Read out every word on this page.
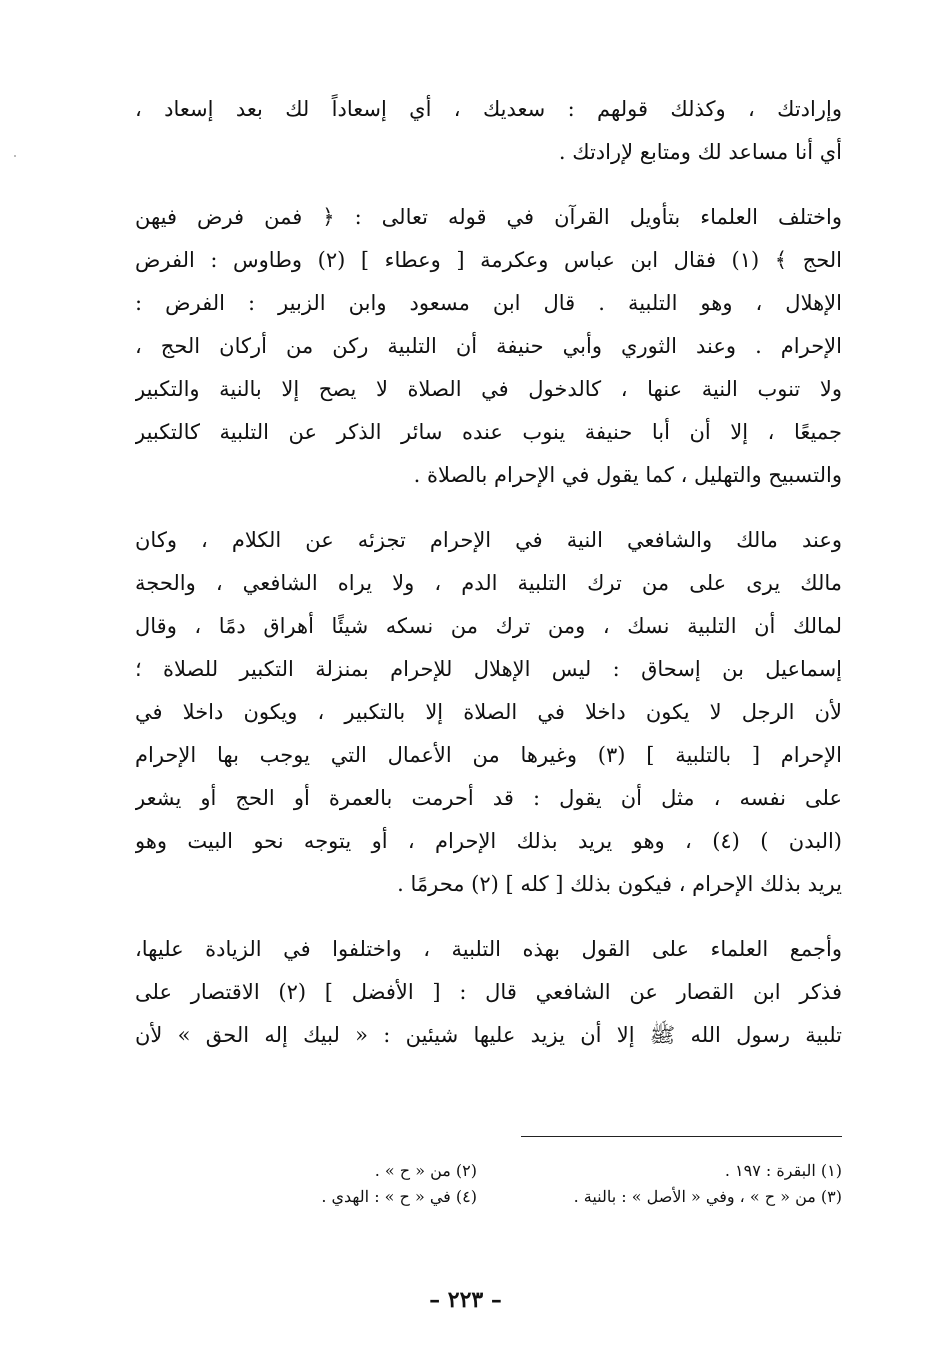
وإرادتك ، وكذلك قولهم : سعديك ، أي إسعاداً لك بعد إسعاد ،
أي أنا مساعد لك ومتابع لإرادتك .

واختلف العلماء بتأويل القرآن في قوله تعالى : ﴿ فمن فرض فيهن
الحج ﴾ (١) فقال ابن عباس وعكرمة [ وعطاء ] (٢) وطاوس : الفرض
الإهلال ، وهو التلبية . قال ابن مسعود وابن الزبير : الفرض :
الإحرام . وعند الثوري وأبي حنيفة أن التلبية ركن من أركان الحج ،
ولا تنوب النية عنها ، كالدخول في الصلاة لا يصح إلا بالنية والتكبير
جميعًا ، إلا أن أبا حنيفة ينوب عنده سائر الذكر عن التلبية كالتكبير
والتسبيح والتهليل ، كما يقول في الإحرام بالصلاة .

وعند مالك والشافعي النية في الإحرام تجزئه عن الكلام ، وكان
مالك يرى على من ترك التلبية الدم ، ولا يراه الشافعي ، والحجة
لمالك أن التلبية نسك ، ومن ترك من نسكه شيئًا أهراق دمًا ، وقال
إسماعيل بن إسحاق : ليس الإهلال للإحرام بمنزلة التكبير للصلاة ؛
لأن الرجل لا يكون داخلا في الصلاة إلا بالتكبير ، ويكون داخلا في
الإحرام [ بالتلبية ] (٣) وغيرها من الأعمال التي يوجب بها الإحرام
على نفسه ، مثل أن يقول : قد أحرمت بالعمرة أو الحج أو يشعر
(البدن ) (٤) ، وهو يريد بذلك الإحرام ، أو يتوجه نحو البيت وهو
يريد بذلك الإحرام ، فيكون بذلك [ كله ] (٢) محرمًا .

وأجمع العلماء على القول بهذه التلبية ، واختلفوا في الزيادة عليها،
فذكر ابن القصار عن الشافعي قال : [ الأفضل ] (٢) الاقتصار على
تلبية رسول الله ﷺ إلا أن يزيد عليها شيئين : « لبيك إله الحق » لأن

(١) البقرة : ١٩٧ .
(٢) من « ح » .
(٣) من « ح » ، وفي « الأصل » : بالنية .
(٤) في « ح » : الهدي .
– ٢٢٣ –
